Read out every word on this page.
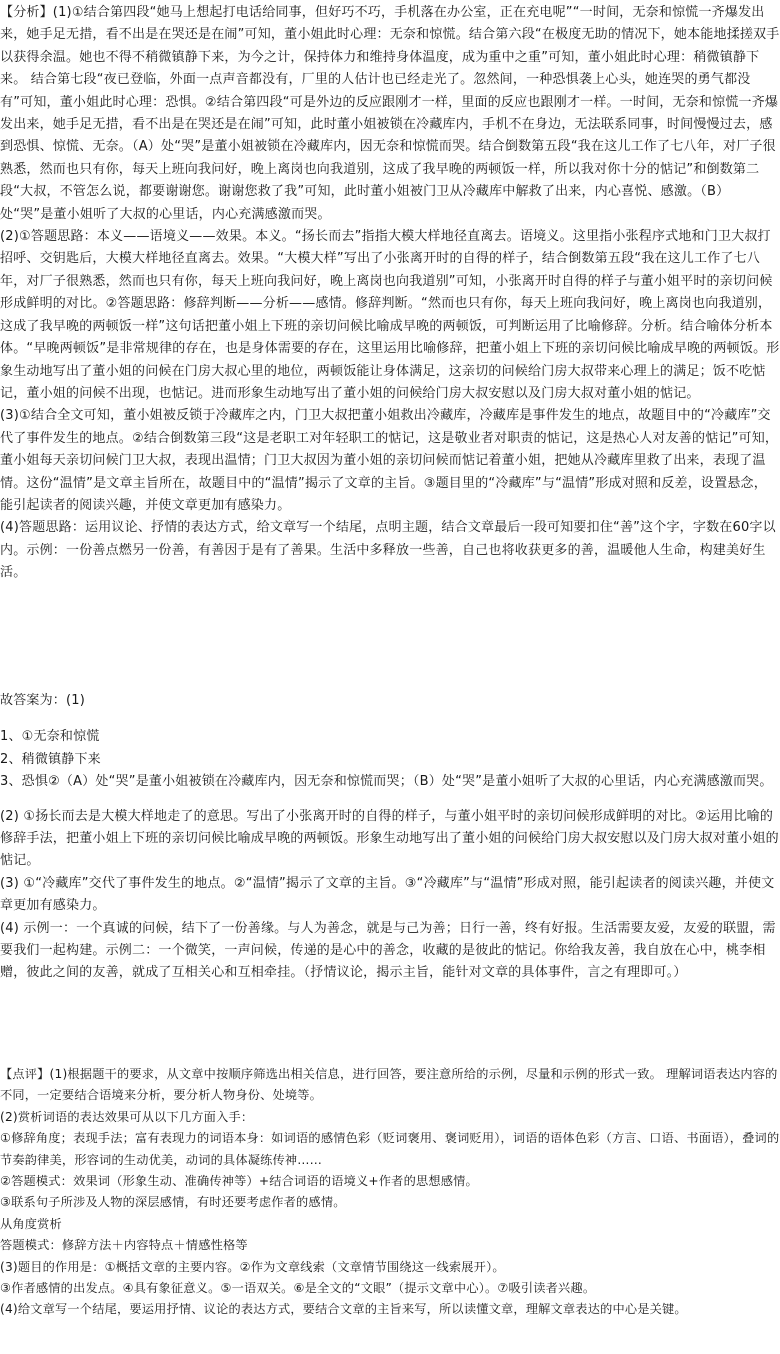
【分析】(1)①结合第四段“她马上想起打电话给同事，但好巧不巧，手机落在办公室，正在充电呢”“一时间，无奈和惊慌一齐爆发出来，她手足无措，看不出是在哭还是在闹”可知，董小姐此时心理：无奈和惊慌。结合第六段“在极度无助的情况下，她本能地揉搓双手以获得余温。她也不得不稍微镇静下来，为今之计，保持体力和维持身体温度，成为重中之重”可知，董小姐此时心理：稍微镇静下来。 结合第七段“夜已登临，外面一点声音都没有，厂里的人估计也已经走光了。忽然间，一种恐惧袭上心头，她连哭的勇气都没有”可知，董小姐此时心理：恐惧。②结合第四段“可是外边的反应跟刚才一样，里面的反应也跟刚才一样。一时间，无奈和惊慌一齐爆发出来，她手足无措，看不出是在哭还是在闹”可知，此时董小姐被锁在冷藏库内，手机不在身边，无法联系同事，时间慢慢过去，感到恐惧、惊慌、无奈。（A）处“哭”是董小姐被锁在冷藏库内，因无奈和惊慌而哭。结合倒数第五段“我在这儿工作了七八年，对厂子很熟悉，然而也只有你，每天上班向我问好，晚上离岗也向我道别，这成了我早晚的两顿饭一样，所以我对你十分的惦记”和倒数第二段“大叔，不管怎么说，都要谢谢您。谢谢您救了我”可知，此时董小姐被门卫从冷藏库中解救了出来，内心喜悦、感激。（B）处“哭”是董小姐听了大叔的心里话，内心充满感激而哭。

(2)①答题思路：本义——语境义——效果。本义。“扬长而去”指指大模大样地径直离去。语境义。这里指小张程序式地和门卫大叔打招呼、交钥匙后，大模大样地径直离去。效果。“大模大样”写出了小张离开时的自得的样子，结合倒数第五段“我在这儿工作了七八年，对厂子很熟悉，然而也只有你，每天上班向我问好，晚上离岗也向我道别”可知，小张离开时自得的样子与董小姐平时的亲切问候形成鲜明的对比。②答题思路：修辞判断——分析——感情。修辞判断。“然而也只有你，每天上班向我问好，晚上离岗也向我道别，这成了我早晚的两顿饭一样”这句话把董小姐上下班的亲切问候比喻成早晚的两顿饭，可判断运用了比喻修辞。分析。结合喻体分析本体。“早晚两顿饭”是非常规律的存在，也是身体需要的存在，这里运用比喻修辞，把董小姐上下班的亲切问候比喻成早晚的两顿饭。形象生动地写出了董小姐的问候在门房大叔心里的地位，两顿饭能让身体满足，这亲切的问候给门房大叔带来心理上的满足；饭不吃惦记，董小姐的问候不出现，也惦记。进而形象生动地写出了董小姐的问候给门房大叔安慰以及门房大叔对董小姐的惦记。

(3)①结合全文可知，董小姐被反锁于冷藏库之内，门卫大叔把董小姐救出冷藏库，冷藏库是事件发生的地点，故题目中的“冷藏库”交代了事件发生的地点。②结合倒数第三段“这是老职工对年轻职工的惦记，这是敬业者对职责的惦记，这是热心人对友善的惦记”可知，董小姐每天亲切问候门卫大叔，表现出温情；门卫大叔因为董小姐的亲切问候而惦记着董小姐，把她从冷藏库里救了出来，表现了温情。这份“温情”是文章主旨所在，故题目中的“温情”揭示了文章的主旨。③题目里的“冷藏库”与“温情”形成对照和反差，设置悬念，能引起读者的阅读兴趣，并使文章更加有感染力。

(4)答题思路：运用议论、抒情的表达方式，给文章写一个结尾，点明主题，结合文章最后一段可知要扣住“善”这个字，字数在60字以内。示例：一份善点燃另一份善，有善因于是有了善果。生活中多释放一些善，自己也将收获更多的善，温暖他人生命，构建美好生活。

故答案为：(1)

1、①无奈和惊慌

2、稍微镇静下来

3、恐惧②（A）处“哭”是董小姐被锁在冷藏库内，因无奈和惊慌而哭；（B）处“哭”是董小姐听了大叔的心里话，内心充满感激而哭。

(2) ①扬长而去是大模大样地走了的意思。写出了小张离开时的自得的样子，与董小姐平时的亲切问候形成鲜明的对比。②运用比喻的修辞手法，把董小姐上下班的亲切问候比喻成早晚的两顿饭。形象生动地写出了董小姐的问候给门房大叔安慰以及门房大叔对董小姐的惦记。

(3) ①“冷藏库”交代了事件发生的地点。②“温情”揭示了文章的主旨。③“冷藏库”与“温情”形成对照，能引起读者的阅读兴趣，并使文章更加有感染力。

(4) 示例一：一个真诚的问候，结下了一份善缘。与人为善念，就是与己为善；日行一善，终有好报。生活需要友爱，友爱的联盟，需要我们一起构建。示例二：一个微笑，一声问候，传递的是心中的善念，收藏的是彼此的惦记。你给我友善，我自放在心中，桃李相赠，彼此之间的友善，就成了互相关心和互相牵挂。（抒情议论，揭示主旨，能针对文章的具体事件，言之有理即可。）

【点评】(1)根据题干的要求，从文章中按顺序筛选出相关信息，进行回答，要注意所给的示例，尽量和示例的形式一致。 理解词语表达内容的不同，一定要结合语境来分析，要分析人物身份、处境等。

(2)赏析词语的表达效果可从以下几方面入手：

①修辞角度；表现手法；富有表现力的词语本身：如词语的感情色彩（贬词褒用、褒词贬用），词语的语体色彩（方言、口语、书面语），叠词的节奏韵律美，形容词的生动优美，动词的具体凝练传神……

②答题模式：效果词（形象生动、准确传神等）+结合词语的语境义+作者的思想感情。

③联系句子所涉及人物的深层感情，有时还要考虑作者的感情。

从角度赏析

答题模式：修辞方法＋内容特点＋情感性格等

(3)题目的作用是：①概括文章的主要内容。②作为文章线索（文章情节围绕这一线索展开）。

③作者感情的出发点。④具有象征意义。⑤一语双关。⑥是全文的“文眼”（提示文章中心）。⑦吸引读者兴趣。

(4)给文章写一个结尾，要运用抒情、议论的表达方式，要结合文章的主旨来写，所以读懂文章，理解文章表达的中心是关键。
